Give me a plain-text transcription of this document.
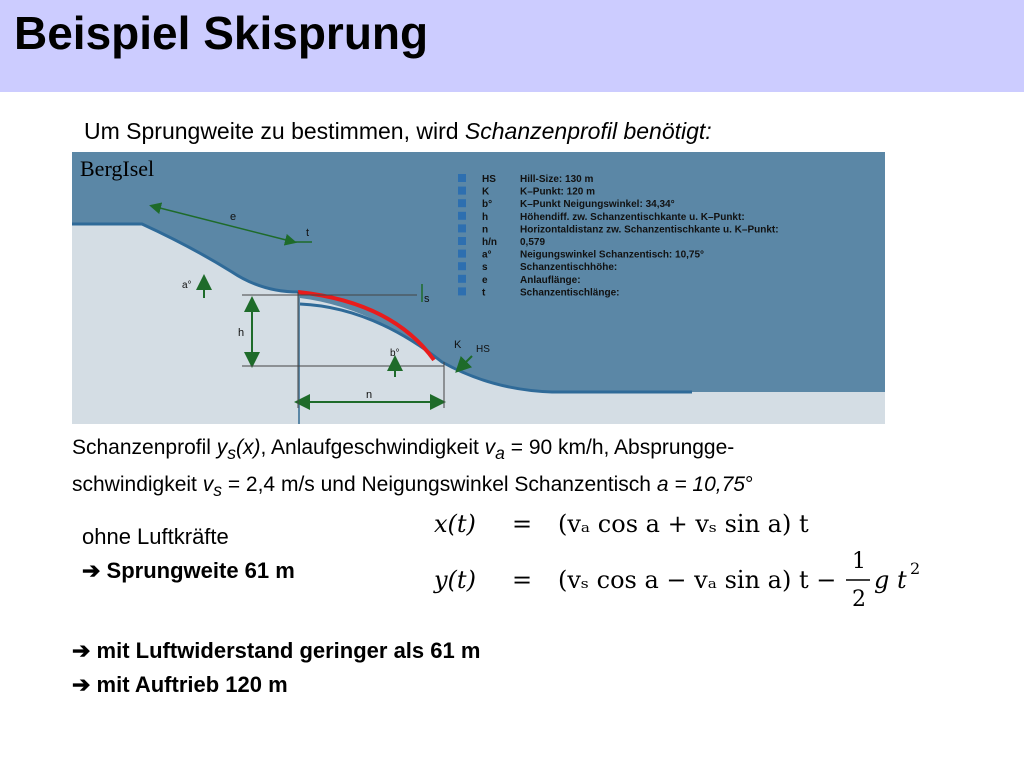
Beispiel Skisprung
Um Sprungweite zu bestimmen, wird Schanzenprofil benötigt:
e
t
a°
s
h
b°
K HS
n
BergIsel	HS Hill-Size: 130 m
K	K–Punkt: 120 m
b°	K–Punkt Neigungswinkel: 34,34°
h	Höhendiff. zw. Schanzentischkante u. K–Punkt:
n	Horizontaldistanz zw. Schanzentischkante u. K–Punkt:
h/n 0,579
a°	Neigungswinkel Schanzentisch: 10,75°
s	Schanzentischhöhe:
e	Anlauflänge:
t	Schanzentischlänge:
Schanzenprofil $y_s(x)$, Anlaufgeschwindigkeit $v_a = 90$ km/h, Absprungge-
schwindigkeit $v_s = 2,4$ m/s und Neigungswinkel Schanzentisch a = 10,75°
ohne Luftkräfte
➔ Sprungweite 61 m
x(t) = (vₐ cos a + vₛ sin a) t
y(t) = (vₛ cos a − vₐ sin a) t −
1
2
g t 2
➔ mit Luftwiderstand geringer als 61 m
➔ mit Auftrieb 120 m
